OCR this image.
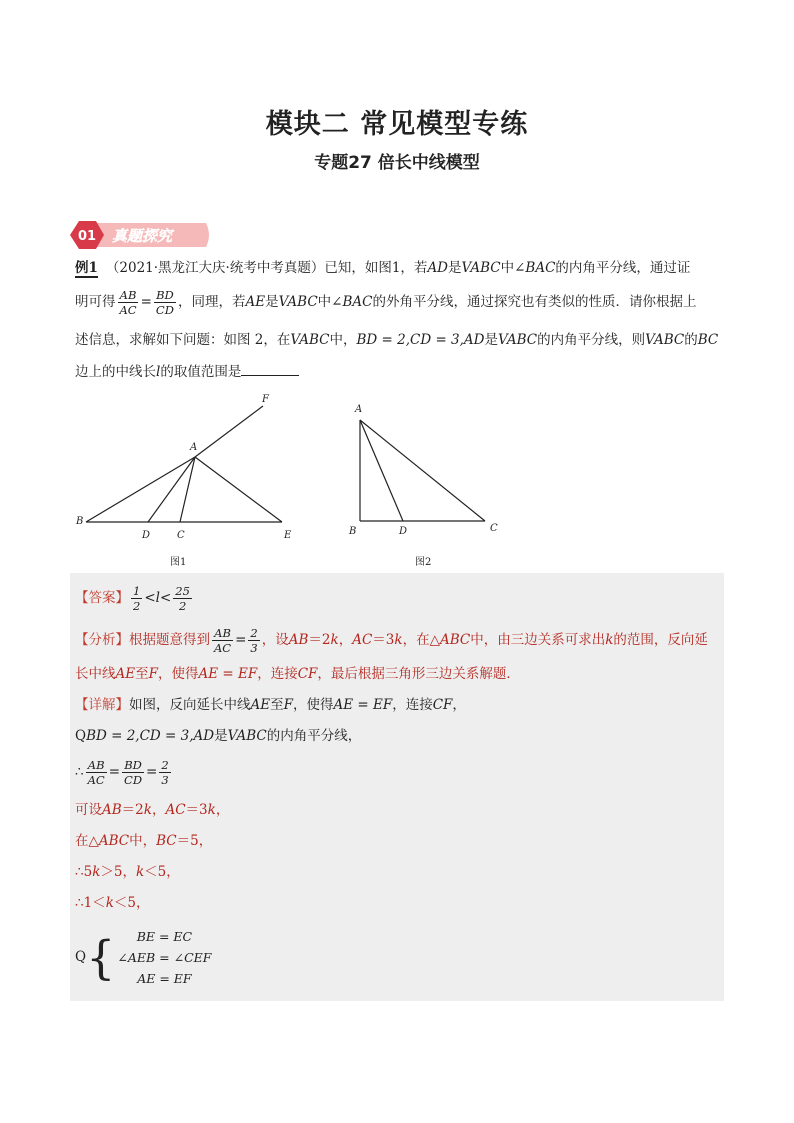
模块二 常见模型专练
专题27 倍长中线模型
01 真题探究
例1 （2021·黑龙江大庆·统考中考真题）已知，如图1，若AD是VABC中∠BAC的内角平分线，通过证
明可得 $\frac{AB}{AC} = \frac{BD}{CD}$ ，同理，若AE是VABC中∠BAC的外角平分线，通过探究也有类似的性质．请你根据上
述信息，求解如下问题：如图 2，在VABC中，BD = 2,CD = 3,AD是VABC的内角平分线，则VABC的BC
边上的中线长l的取值范围是
A
B
D	C	E
F
图1
A
B	D	C
图2
【答案】 $\frac{1}{2} <l< \frac{25}{2}$
【分析】根据题意得到 $\frac{AB}{AC} = \frac{2}{3}$ ，设AB＝2k，AC＝3k，在△ABC中，由三边关系可求出k的范围，反向延
长中线AE至F，使得AE = EF，连接CF，最后根据三角形三边关系解题．
【详解】如图，反向延长中线AE至F，使得AE = EF，连接CF，
QBD = 2,CD = 3,AD是VABC的内角平分线，
∴ $\frac{AB}{AC} = \frac{BD}{CD} = \frac{2}{3}$
可设AB＝2k，AC＝3k，
在△ABC中，BC＝5，
∴5k＞5，k＜5，
∴1＜k＜5，
Q{	BE = EC
∠AEB = ∠CEF
AE = EF
